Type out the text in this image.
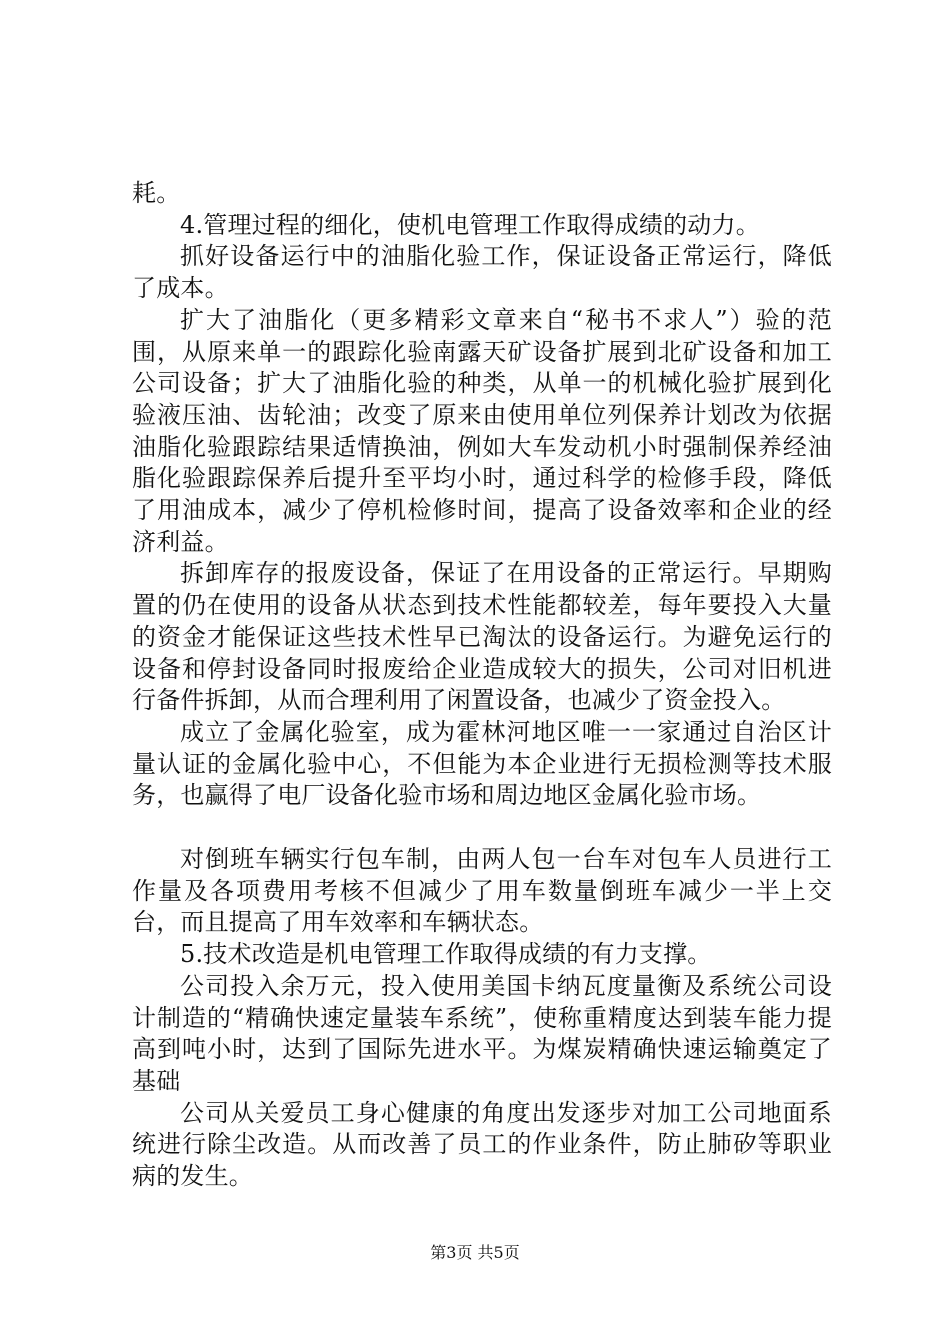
耗。

4.管理过程的细化，使机电管理工作取得成绩的动力。

抓好设备运行中的油脂化验工作，保证设备正常运行，降低了成本。

扩大了油脂化（更多精彩文章来自“秘书不求人”）验的范围，从原来单一的跟踪化验南露天矿设备扩展到北矿设备和加工公司设备；扩大了油脂化验的种类，从单一的机械化验扩展到化验液压油、齿轮油；改变了原来由使用单位列保养计划改为依据油脂化验跟踪结果适情换油，例如大车发动机小时强制保养经油脂化验跟踪保养后提升至平均小时，通过科学的检修手段，降低了用油成本，减少了停机检修时间，提高了设备效率和企业的经济利益。

拆卸库存的报废设备，保证了在用设备的正常运行。早期购置的仍在使用的设备从状态到技术性能都较差，每年要投入大量的资金才能保证这些技术性早已淘汰的设备运行。为避免运行的设备和停封设备同时报废给企业造成较大的损失，公司对旧机进行备件拆卸，从而合理利用了闲置设备，也减少了资金投入。

成立了金属化验室，成为霍林河地区唯一一家通过自治区计量认证的金属化验中心，不但能为本企业进行无损检测等技术服务，也赢得了电厂设备化验市场和周边地区金属化验市场。

对倒班车辆实行包车制，由两人包一台车对包车人员进行工作量及各项费用考核不但减少了用车数量倒班车减少一半上交台，而且提高了用车效率和车辆状态。

5.技术改造是机电管理工作取得成绩的有力支撑。

公司投入余万元，投入使用美国卡纳瓦度量衡及系统公司设计制造的“精确快速定量装车系统”，使称重精度达到装车能力提高到吨小时，达到了国际先进水平。为煤炭精确快速运输奠定了基础

公司从关爱员工身心健康的角度出发逐步对加工公司地面系统进行除尘改造。从而改善了员工的作业条件，防止肺矽等职业病的发生。

第3页 共5页
